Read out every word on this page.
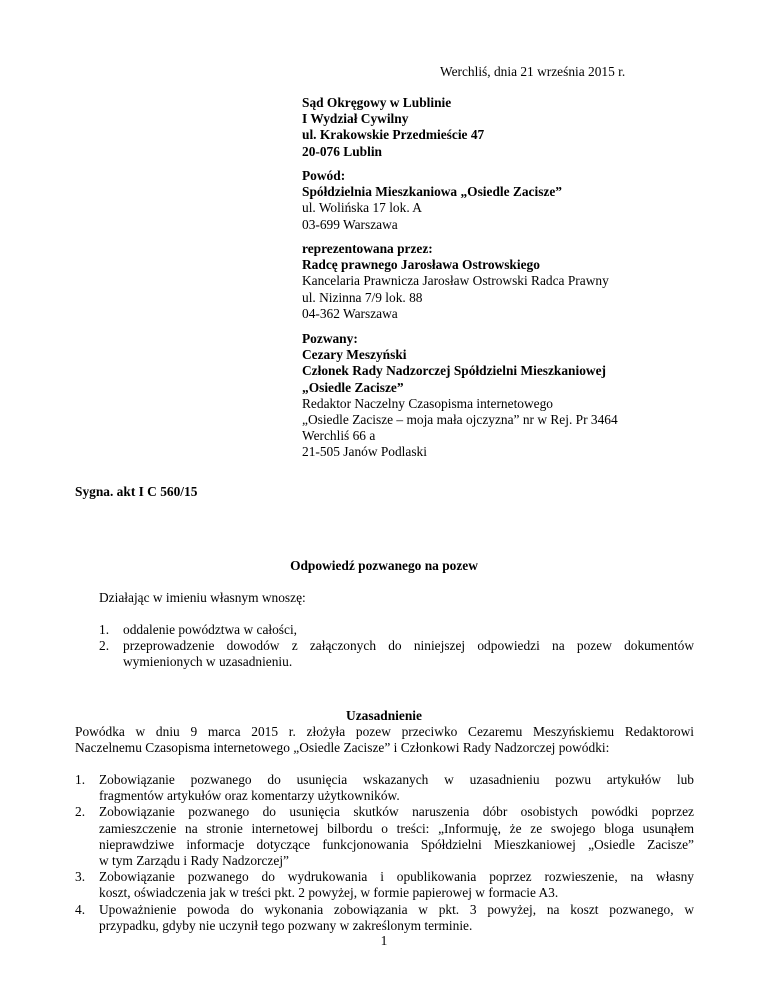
Werchliś, dnia 21 września 2015 r.
Sąd Okręgowy w Lublinie
I Wydział Cywilny
ul. Krakowskie Przedmieście 47
20-076 Lublin
Powód:
Spółdzielnia Mieszkaniowa „Osiedle Zacisze”
ul. Wolińska 17 lok. A
03-699 Warszawa
reprezentowana przez:
Radcę prawnego Jarosława Ostrowskiego
Kancelaria Prawnicza Jarosław Ostrowski Radca Prawny
ul. Nizinna 7/9 lok. 88
04-362 Warszawa
Pozwany:
Cezary Meszyński
Członek Rady Nadzorczej Spółdzielni Mieszkaniowej
„Osiedle Zacisze”
Redaktor Naczelny Czasopisma internetowego
„Osiedle Zacisze – moja mała ojczyzna” nr w Rej. Pr 3464
Werchliś 66 a
21-505 Janów Podlaski
Sygna. akt I C 560/15
Odpowiedź pozwanego na pozew
Działając w imieniu własnym wnoszę:
1. oddalenie powództwa w całości,
2. przeprowadzenie dowodów z załączonych do niniejszej odpowiedzi na pozew dokumentów
wymienionych w uzasadnieniu.
Uzasadnienie
Powódka w dniu 9 marca 2015 r. złożyła pozew przeciwko Cezaremu Meszyńskiemu Redaktorowi
Naczelnemu Czasopisma internetowego „Osiedle Zacisze” i Członkowi Rady Nadzorczej powódki:
1. Zobowiązanie pozwanego do usunięcia wskazanych w uzasadnieniu pozwu artykułów lub
fragmentów artykułów oraz komentarzy użytkowników.
2. Zobowiązanie pozwanego do usunięcia skutków naruszenia dóbr osobistych powódki poprzez
zamieszczenie na stronie internetowej bilbordu o treści: „Informuję, że ze swojego bloga usunąłem
nieprawdziwe informacje dotyczące funkcjonowania Spółdzielni Mieszkaniowej „Osiedle Zacisze”
w tym Zarządu i Rady Nadzorczej”
3. Zobowiązanie pozwanego do wydrukowania i opublikowania poprzez rozwieszenie, na własny
koszt, oświadczenia jak w treści pkt. 2 powyżej, w formie papierowej w formacie A3.
4. Upoważnienie powoda do wykonania zobowiązania w pkt. 3 powyżej, na koszt pozwanego, w
przypadku, gdyby nie uczynił tego pozwany w zakreślonym terminie.
1
